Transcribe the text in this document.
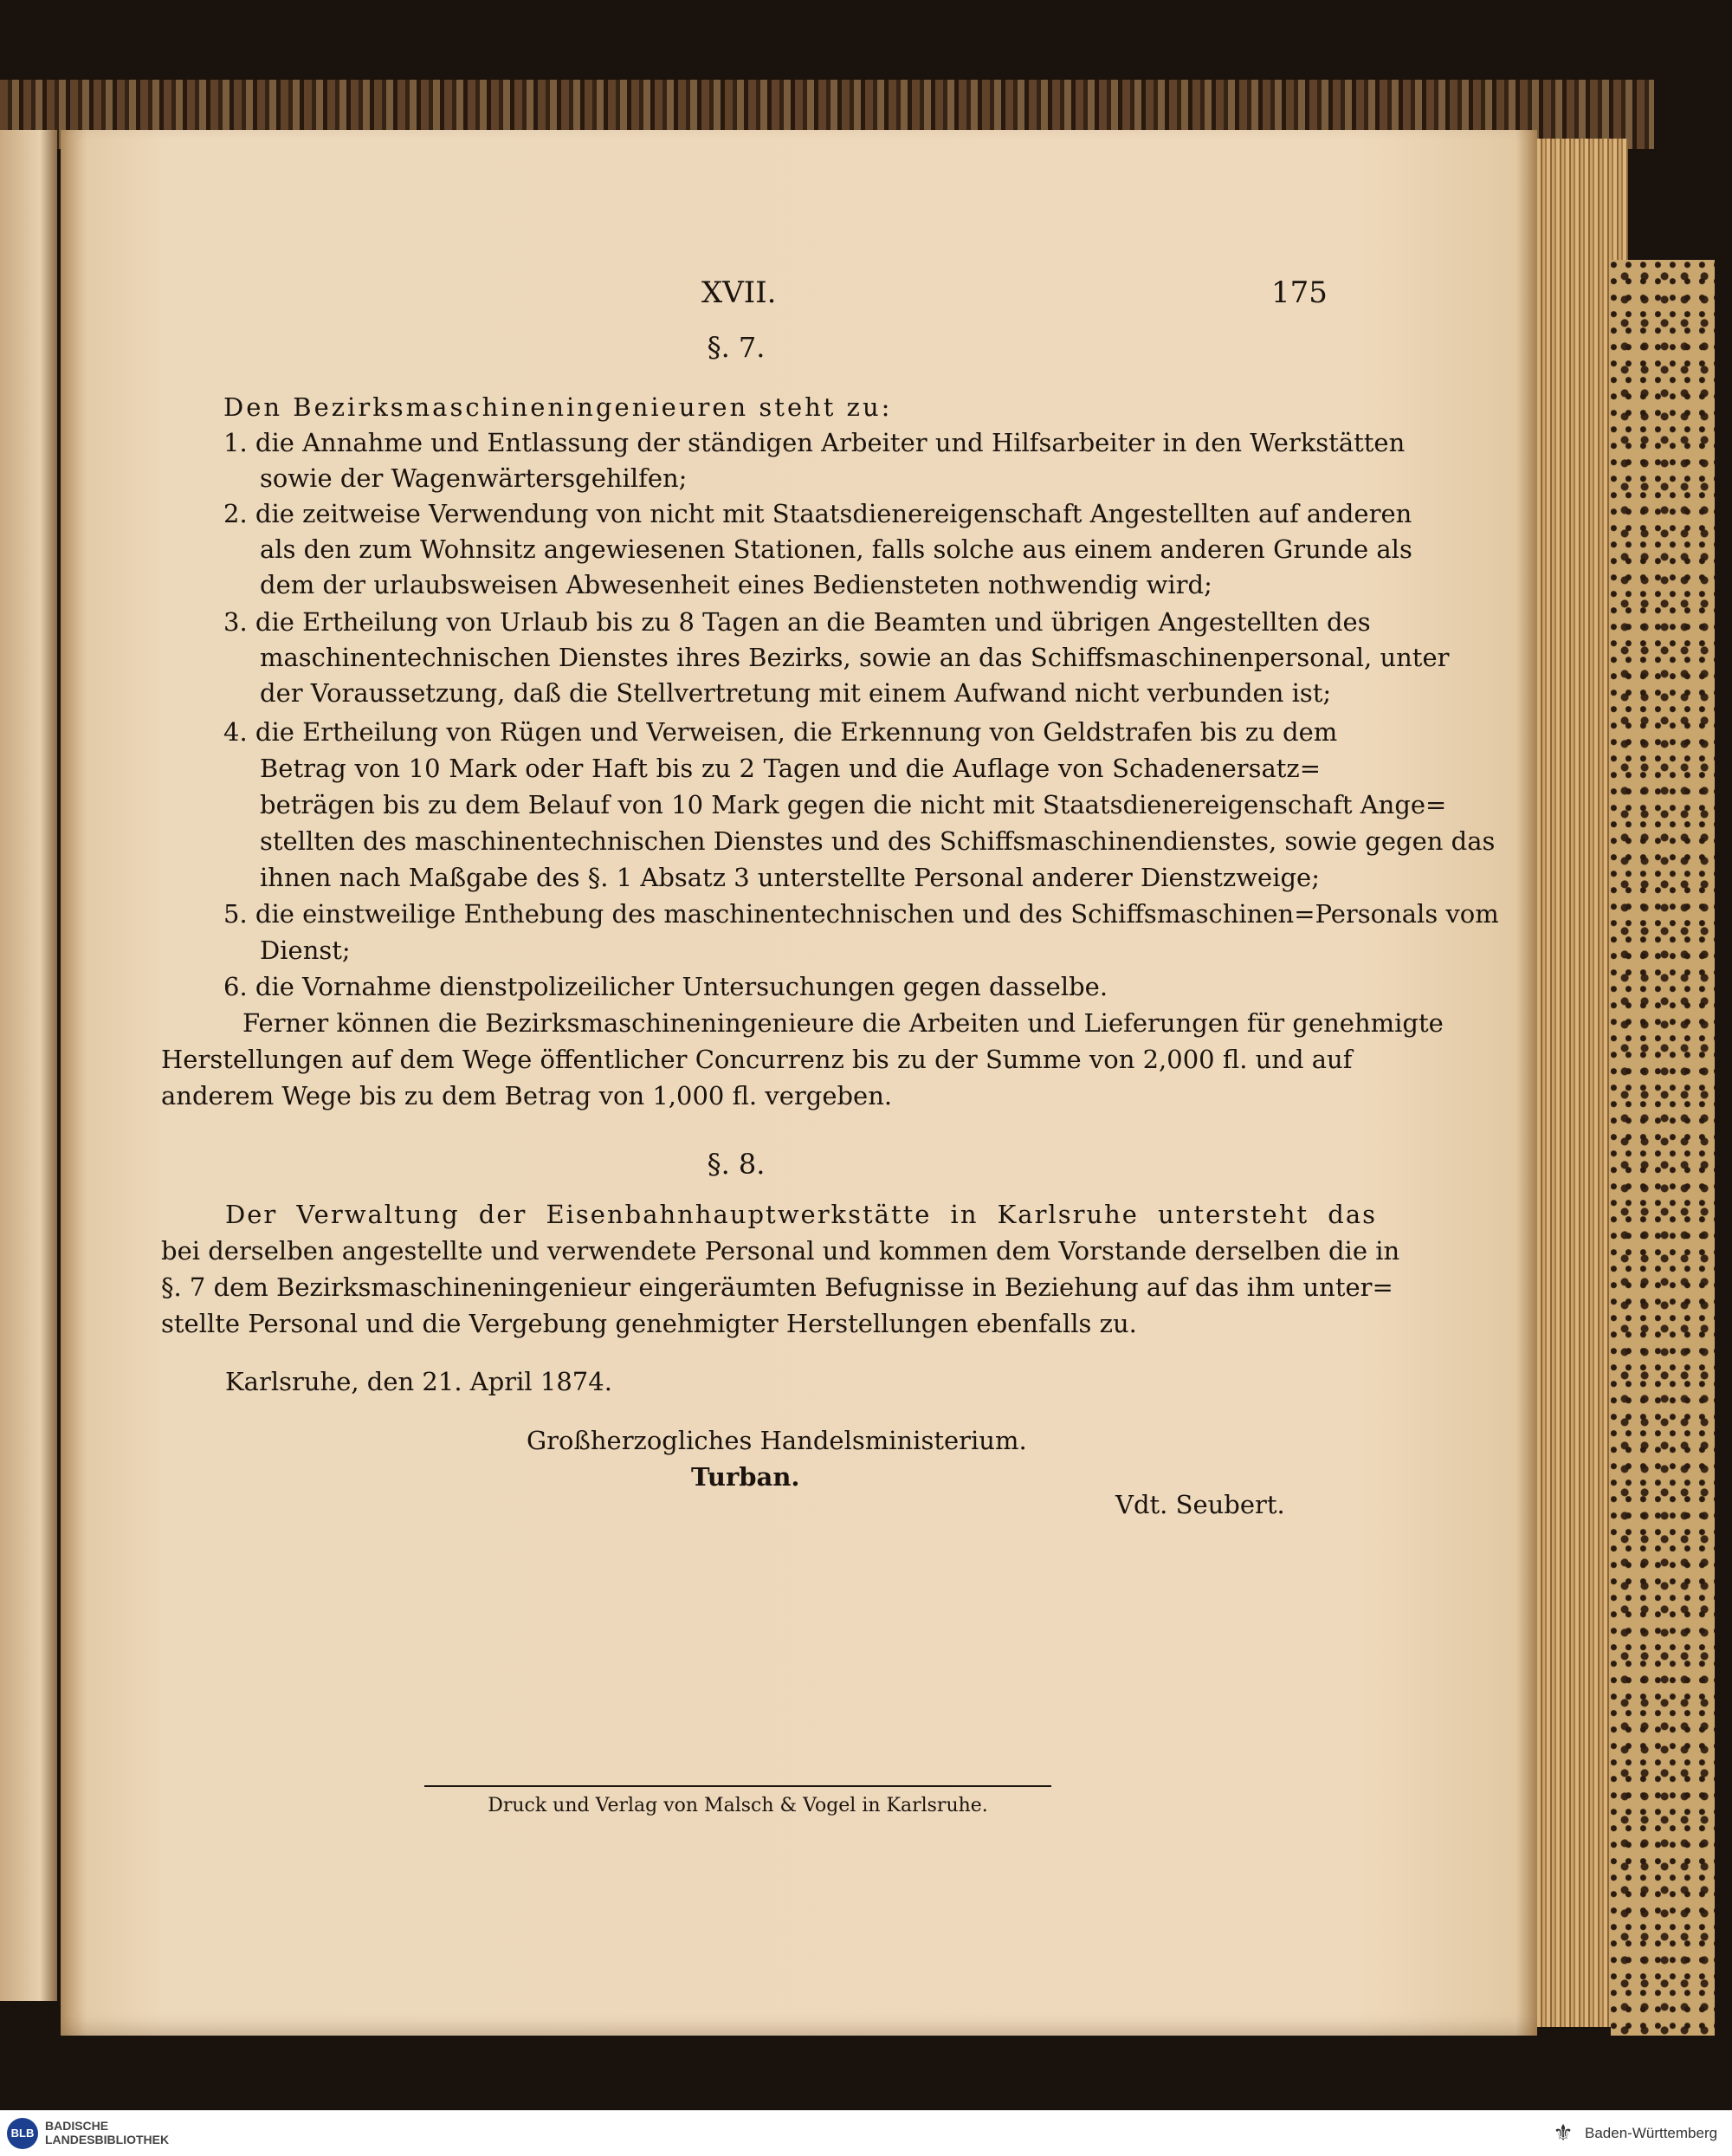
XVII.	175
§. 7.
Den Bezirksmaschineningenieuren steht zu:
1. die Annahme und Entlassung der ständigen Arbeiter und Hilfsarbeiter in den Werkstätten
sowie der Wagenwärtersgehilfen;
2. die zeitweise Verwendung von nicht mit Staatsdienereigenschaft Angestellten auf anderen
als den zum Wohnsitz angewiesenen Stationen, falls solche aus einem anderen Grunde als
dem der urlaubsweisen Abwesenheit eines Bediensteten nothwendig wird;
3. die Ertheilung von Urlaub bis zu 8 Tagen an die Beamten und übrigen Angestellten des
maschinentechnischen Dienstes ihres Bezirks, sowie an das Schiffsmaschinenpersonal, unter
der Voraussetzung, daß die Stellvertretung mit einem Aufwand nicht verbunden ist;
4. die Ertheilung von Rügen und Verweisen, die Erkennung von Geldstrafen bis zu dem
Betrag von 10 Mark oder Haft bis zu 2 Tagen und die Auflage von Schadenersatz=
beträgen bis zu dem Belauf von 10 Mark gegen die nicht mit Staatsdienereigenschaft Ange=
stellten des maschinentechnischen Dienstes und des Schiffsmaschinendienstes, sowie gegen das
ihnen nach Maßgabe des §. 1 Absatz 3 unterstellte Personal anderer Dienstzweige;
5. die einstweilige Enthebung des maschinentechnischen und des Schiffsmaschinen=Personals vom
Dienst;
6. die Vornahme dienstpolizeilicher Untersuchungen gegen dasselbe.
Ferner können die Bezirksmaschineningenieure die Arbeiten und Lieferungen für genehmigte
Herstellungen auf dem Wege öffentlicher Concurrenz bis zu der Summe von 2,000 fl. und auf
anderem Wege bis zu dem Betrag von 1,000 fl. vergeben.
§. 8.
Der Verwaltung der Eisenbahnhauptwerkstätte in Karlsruhe untersteht das
bei derselben angestellte und verwendete Personal und kommen dem Vorstande derselben die in
§. 7 dem Bezirksmaschineningenieur eingeräumten Befugnisse in Beziehung auf das ihm unter=
stellte Personal und die Vergebung genehmigter Herstellungen ebenfalls zu.
Karlsruhe, den 21. April 1874.
Großherzogliches Handelsministerium.
Turban.
Vdt. Seubert.
Druck und Verlag von Malsch & Vogel in Karlsruhe.
BLB
BADISCHE
LANDESBIBLIOTHEK	⚜ Baden-Württemberg
